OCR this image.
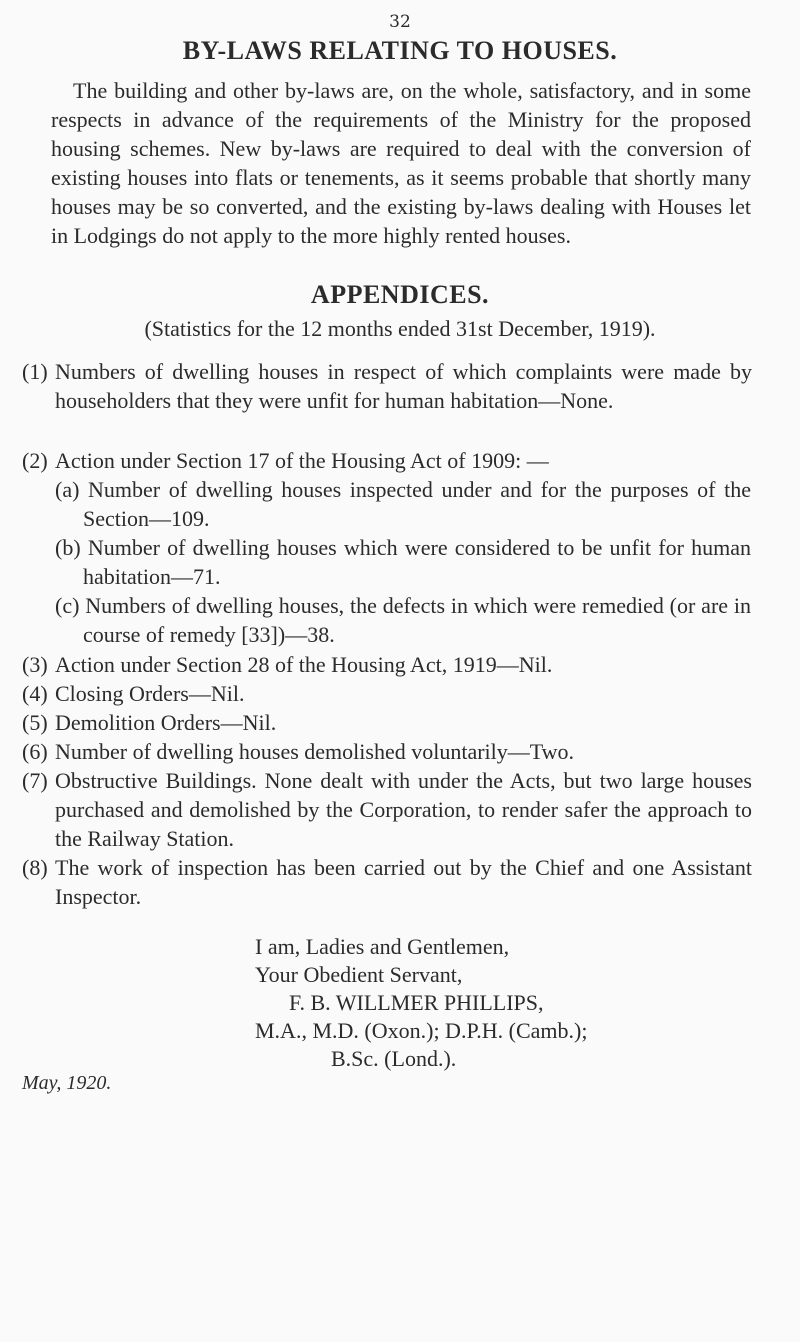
32
BY-LAWS RELATING TO HOUSES.
The building and other by-laws are, on the whole, satisfactory, and in some respects in advance of the requirements of the Ministry for the proposed housing schemes. New by-laws are required to deal with the conversion of existing houses into flats or tenements, as it seems probable that shortly many houses may be so converted, and the existing by-laws dealing with Houses let in Lodgings do not apply to the more highly rented houses.
APPENDICES.
(Statistics for the 12 months ended 31st December, 1919).
(1) Numbers of dwelling houses in respect of which complaints were made by householders that they were unfit for human habitation—None.
(2) Action under Section 17 of the Housing Act of 1909: —
(a) Number of dwelling houses inspected under and for the purposes of the Section—109.
(b) Number of dwelling houses which were considered to be unfit for human habitation—71.
(c) Numbers of dwelling houses, the defects in which were remedied (or are in course of remedy [33])—38.
(3) Action under Section 28 of the Housing Act, 1919—Nil.
(4) Closing Orders—Nil.
(5) Demolition Orders—Nil.
(6) Number of dwelling houses demolished voluntarily—Two.
(7) Obstructive Buildings. None dealt with under the Acts, but two large houses purchased and demolished by the Corporation, to render safer the approach to the Railway Station.
(8) The work of inspection has been carried out by the Chief and one Assistant Inspector.
I am, Ladies and Gentlemen,
Your Obedient Servant,
F. B. WILLMER PHILLIPS,
M.A., M.D. (Oxon.); D.P.H. (Camb.);
B.Sc. (Lond.).
May, 1920.
